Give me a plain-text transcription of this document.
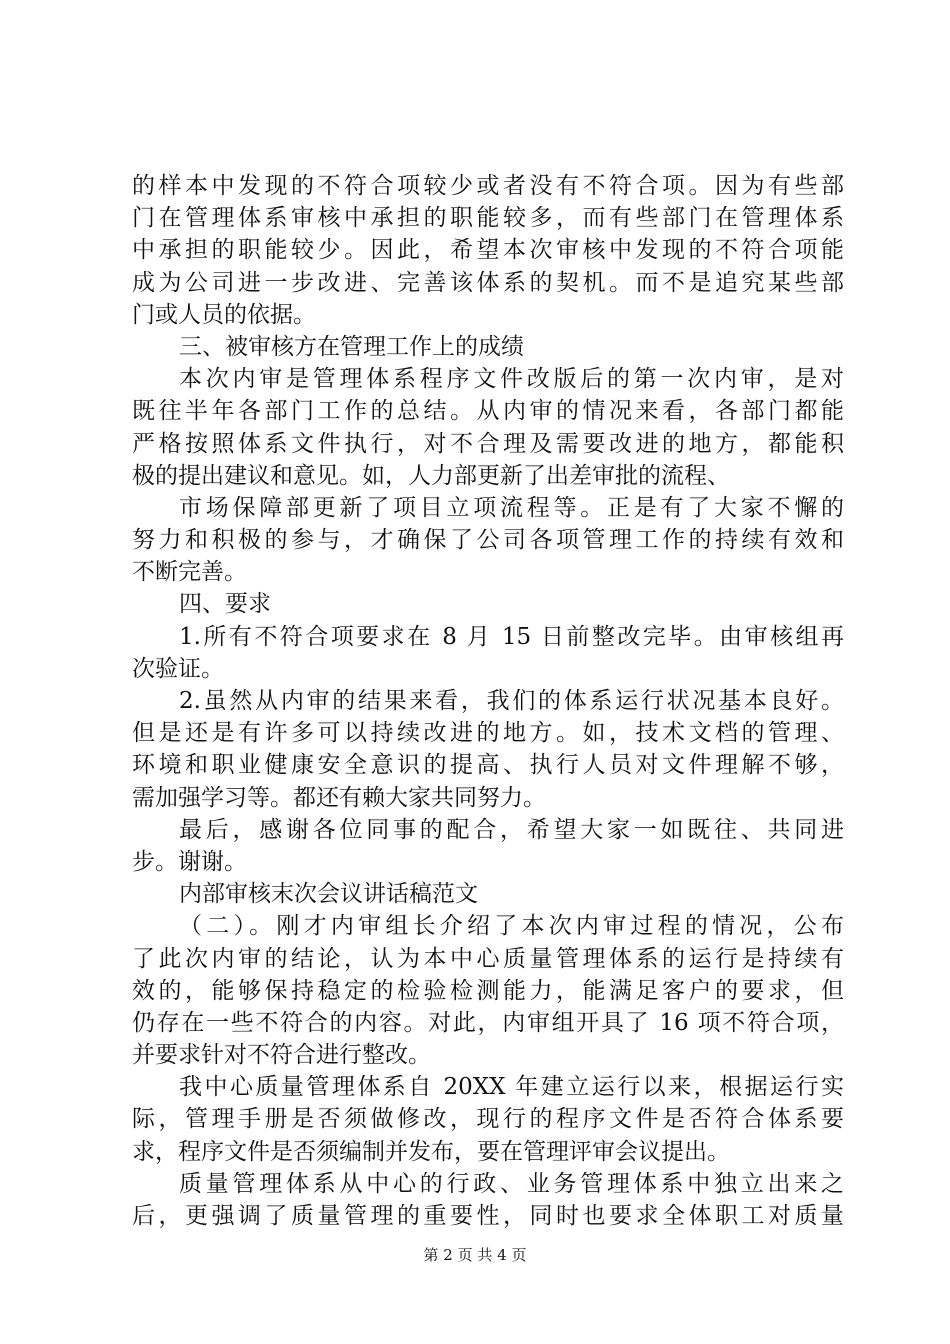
的样本中发现的不符合项较少或者没有不符合项。因为有些部
门在管理体系审核中承担的职能较多，而有些部门在管理体系
中承担的职能较少。因此，希望本次审核中发现的不符合项能
成为公司进一步改进、完善该体系的契机。而不是追究某些部
门或人员的依据。
三、被审核方在管理工作上的成绩
本次内审是管理体系程序文件改版后的第一次内审，是对
既往半年各部门工作的总结。从内审的情况来看，各部门都能
严格按照体系文件执行，对不合理及需要改进的地方，都能积
极的提出建议和意见。如，人力部更新了出差审批的流程、
市场保障部更新了项目立项流程等。正是有了大家不懈的
努力和积极的参与，才确保了公司各项管理工作的持续有效和
不断完善。
四、要求
1.所有不符合项要求在 8 月 15 日前整改完毕。由审核组再
次验证。
2.虽然从内审的结果来看，我们的体系运行状况基本良好。
但是还是有许多可以持续改进的地方。如，技术文档的管理、
环境和职业健康安全意识的提高、执行人员对文件理解不够，
需加强学习等。都还有赖大家共同努力。
最后，感谢各位同事的配合，希望大家一如既往、共同进
步。谢谢。
内部审核末次会议讲话稿范文
（二）。刚才内审组长介绍了本次内审过程的情况，公布
了此次内审的结论，认为本中心质量管理体系的运行是持续有
效的，能够保持稳定的检验检测能力，能满足客户的要求，但
仍存在一些不符合的内容。对此，内审组开具了 16 项不符合项，
并要求针对不符合进行整改。
我中心质量管理体系自 20XX 年建立运行以来，根据运行实
际，管理手册是否须做修改，现行的程序文件是否符合体系要
求，程序文件是否须编制并发布，要在管理评审会议提出。
质量管理体系从中心的行政、业务管理体系中独立出来之
后，更强调了质量管理的重要性，同时也要求全体职工对质量
第 2 页 共 4 页
